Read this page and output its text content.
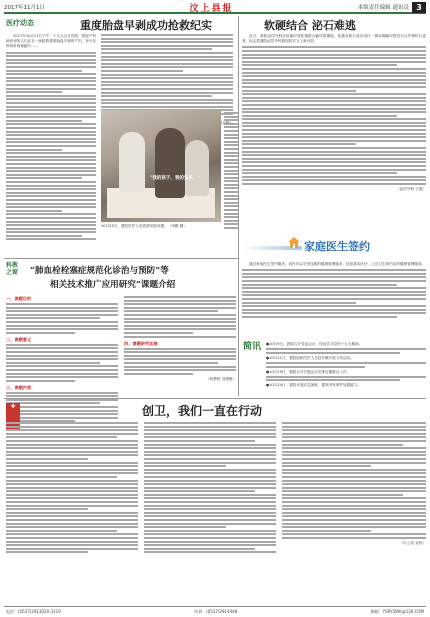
2017年11月1日	汶上县报	本版责任编辑 通讯员 3
医疗动态	重度胎盘早剥成功抢救纪实

2017年10月17日下午，十九大召开在即，我院产科病房里的人们正在一场抢救重度胎盘早剥的产妇，争分夺秒的时间赛跑中……

"我的孩子，我的宝贝。"
10月29日，我院医护人员看望出院母婴。（李鹏 摄）
软硬结合 泌石难逃

近日，我院泌尿外科应用输尿管软镜联合输尿管硬镜、钬激光碎石成功治疗一例双侧输尿管结石合并肾结石患者，标志着我院泌尿外科微创技术又上新台阶。

（泌尿外科 王瑞）
家庭医生签约

通过家庭医生签约服务，居民可以享受连续的健康管理服务，包括基本医疗、公共卫生和约定的健康管理服务。

简讯 ●10月9日，我院召开党委会议，传达学习党的十九大精神。
●10月11日，我院组织医护人员赴乡镇开展义诊活动。
●10月19日，我院召开专题会议安排近期重点工作。
●10月24日，我院开展应急演练，提高突发事件处置能力。
科教之窗	“肺血栓栓塞症规范化诊治与预防”等
相关技术推广应用研究”课题介绍
一、课题目的
二、课题意义
三、课题内容
四、课题研究实施
（科教科 刘建梅）
✚	创卫，我们一直在行动
（办公室 宣传）
电话：(0537)2913020-3119	传真：(0537)2914448	邮箱：YSRYSWK@126.COM
